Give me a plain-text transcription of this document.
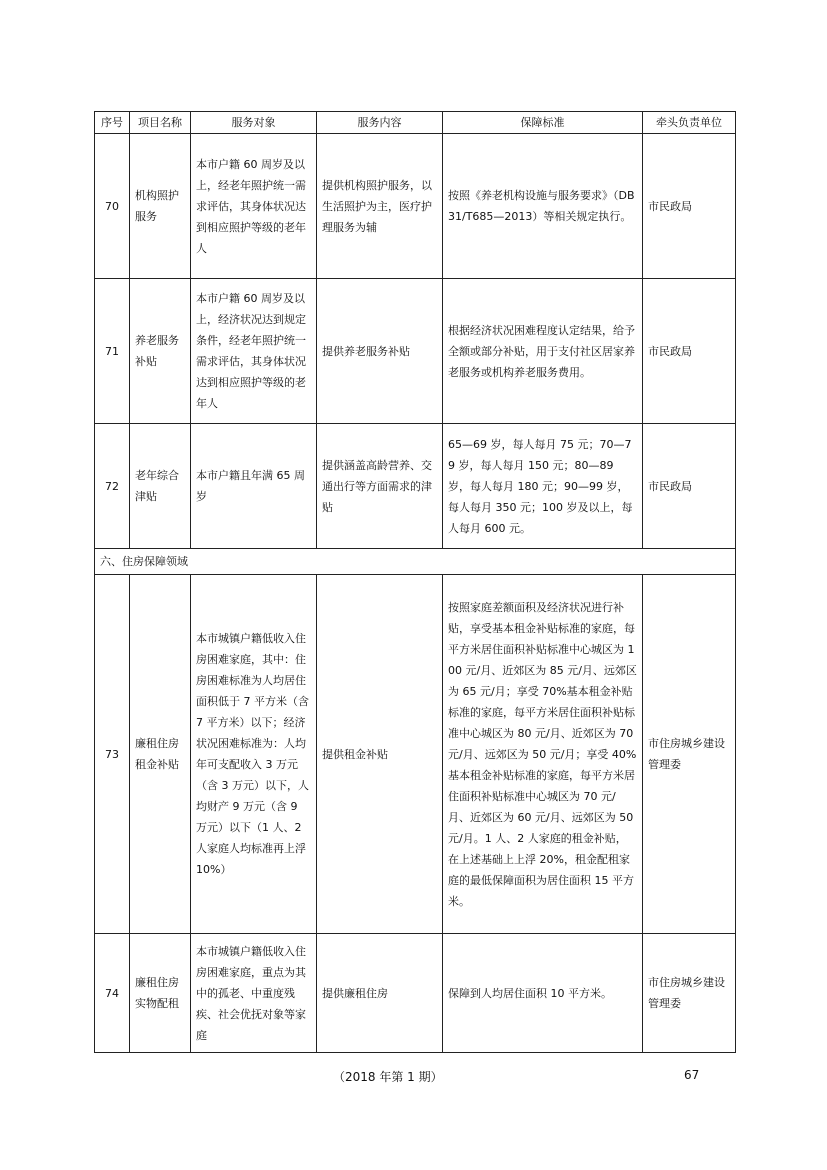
序号	项目名称	服务对象	服务内容	保障标准	牵头负责单位
70	机构照护服务	本市户籍 60 周岁及以上，经老年照护统一需求评估，其身体状况达到相应照护等级的老年人	提供机构照护服务，以生活照护为主，医疗护理服务为辅	按照《养老机构设施与服务要求》（DB31/T685—2013）等相关规定执行。	市民政局
71	养老服务补贴	本市户籍 60 周岁及以上，经济状况达到规定条件，经老年照护统一需求评估，其身体状况达到相应照护等级的老年人	提供养老服务补贴	根据经济状况困难程度认定结果，给予全额或部分补贴，用于支付社区居家养老服务或机构养老服务费用。	市民政局
72	老年综合津贴	本市户籍且年满 65 周岁	提供涵盖高龄营养、交通出行等方面需求的津贴	65—69 岁，每人每月 75 元；70—79 岁，每人每月 150 元；80—89 岁，每人每月 180 元；90—99 岁，每人每月 350 元；100 岁及以上，每人每月 600 元。	市民政局
六、住房保障领域					
73	廉租住房租金补贴	本市城镇户籍低收入住房困难家庭，其中：住房困难标准为人均居住面积低于 7 平方米（含 7 平方米）以下；经济状况困难标准为：人均年可支配收入 3 万元（含 3 万元）以下，人均财产 9 万元（含 9 万元）以下（1 人、2 人家庭人均标准再上浮 10%）	提供租金补贴	按照家庭差额面积及经济状况进行补贴，享受基本租金补贴标准的家庭，每平方米居住面积补贴标准中心城区为 100 元/月、近郊区为 85 元/月、远郊区为 65 元/月；享受 70%基本租金补贴标准的家庭，每平方米居住面积补贴标准中心城区为 80 元/月、近郊区为 70 元/月、远郊区为 50 元/月；享受 40%基本租金补贴标准的家庭，每平方米居住面积补贴标准中心城区为 70 元/月、近郊区为 60 元/月、远郊区为 50 元/月。1 人、2 人家庭的租金补贴，在上述基础上上浮 20%，租金配租家庭的最低保障面积为居住面积 15 平方米。	市住房城乡建设管理委
74	廉租住房实物配租	本市城镇户籍低收入住房困难家庭，重点为其中的孤老、中重度残疾、社会优抚对象等家庭	提供廉租住房	保障到人均居住面积 10 平方米。	市住房城乡建设管理委
（2018 年第 1 期）	67
